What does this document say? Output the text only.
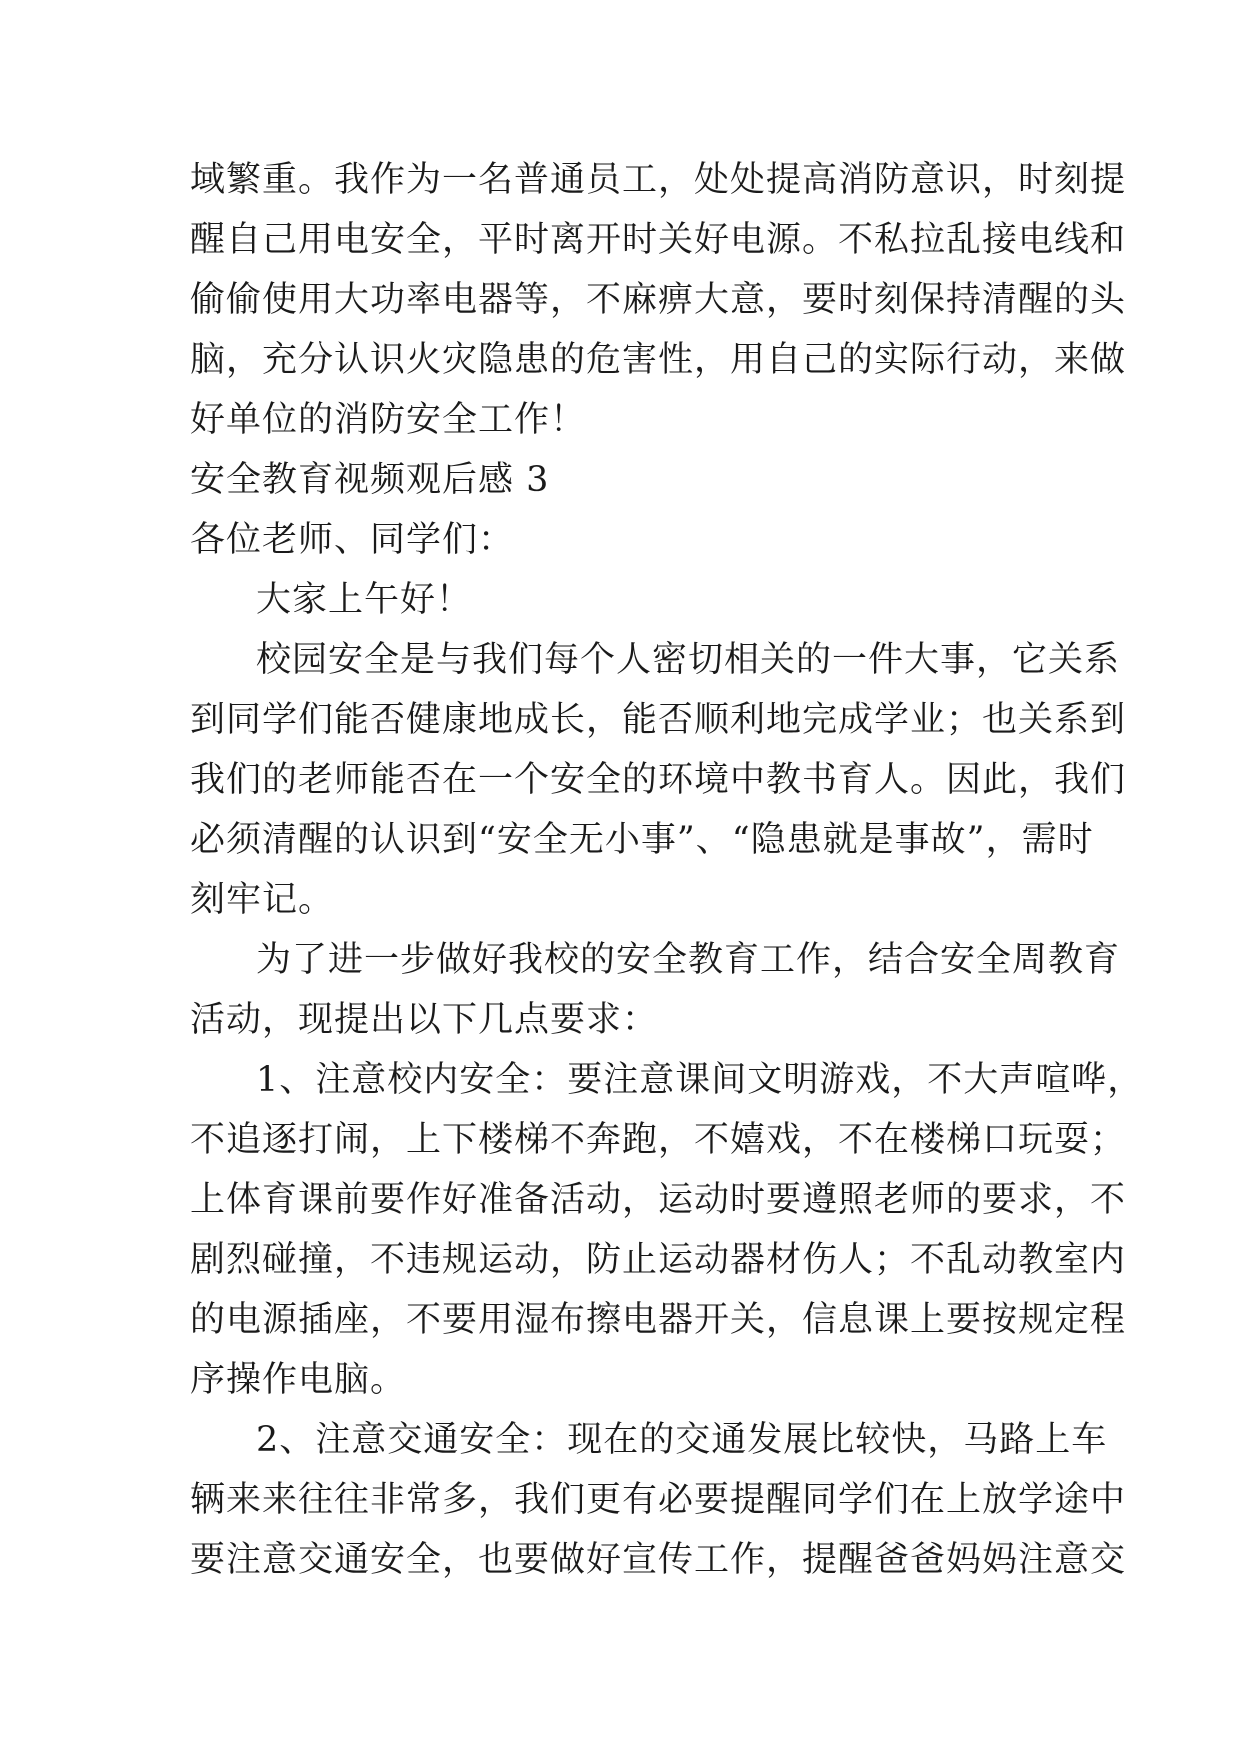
域繁重。我作为一名普通员工，处处提高消防意识，时刻提
醒自己用电安全，平时离开时关好电源。不私拉乱接电线和
偷偷使用大功率电器等，不麻痹大意，要时刻保持清醒的头
脑，充分认识火灾隐患的危害性，用自己的实际行动，来做
好单位的消防安全工作！
安全教育视频观后感 3
各位老师、同学们：
大家上午好！
校园安全是与我们每个人密切相关的一件大事，它关系
到同学们能否健康地成长，能否顺利地完成学业；也关系到
我们的老师能否在一个安全的环境中教书育人。因此，我们
必须清醒的认识到“安全无小事”、“隐患就是事故”，需时
刻牢记。
为了进一步做好我校的安全教育工作，结合安全周教育
活动，现提出以下几点要求：
1、注意校内安全：要注意课间文明游戏，不大声喧哗，
不追逐打闹，上下楼梯不奔跑，不嬉戏，不在楼梯口玩耍；
上体育课前要作好准备活动，运动时要遵照老师的要求，不
剧烈碰撞，不违规运动，防止运动器材伤人；不乱动教室内
的电源插座，不要用湿布擦电器开关，信息课上要按规定程
序操作电脑。
2、注意交通安全：现在的交通发展比较快，马路上车
辆来来往往非常多，我们更有必要提醒同学们在上放学途中
要注意交通安全，也要做好宣传工作，提醒爸爸妈妈注意交
